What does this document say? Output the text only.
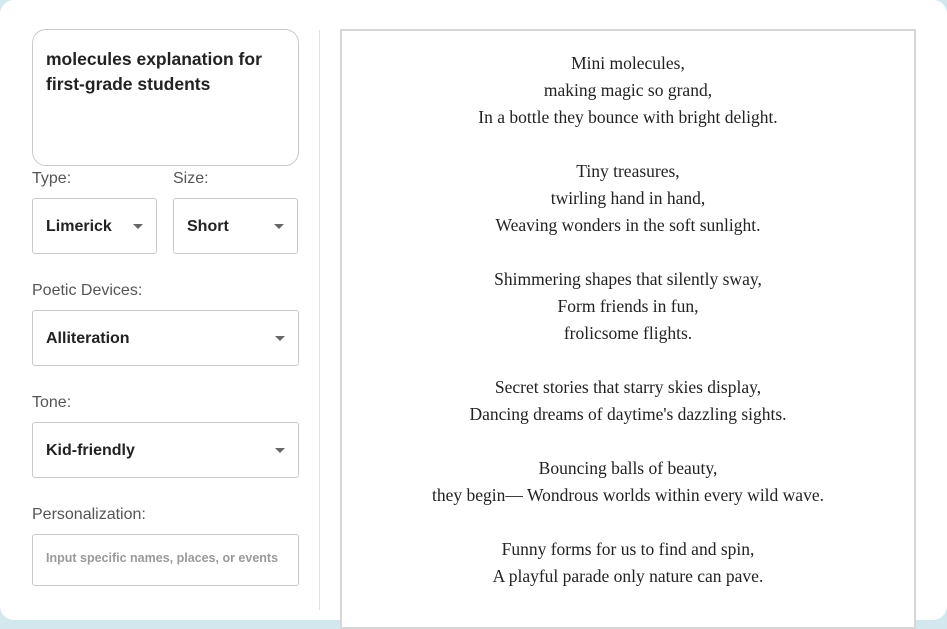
molecules explanation for first-grade students
Type:
Limerick
Size:
Short
Poetic Devices:
Alliteration
Tone:
Kid-friendly
Personalization:
Input specific names, places, or events
Mini molecules,
making magic so grand,
In a bottle they bounce with bright delight.
Tiny treasures,
twirling hand in hand,
Weaving wonders in the soft sunlight.
Shimmering shapes that silently sway,
Form friends in fun,
frolicsome flights.
Secret stories that starry skies display,
Dancing dreams of daytime's dazzling sights.
Bouncing balls of beauty,
they begin— Wondrous worlds within every wild wave.
Funny forms for us to find and spin,
A playful parade only nature can pave.
